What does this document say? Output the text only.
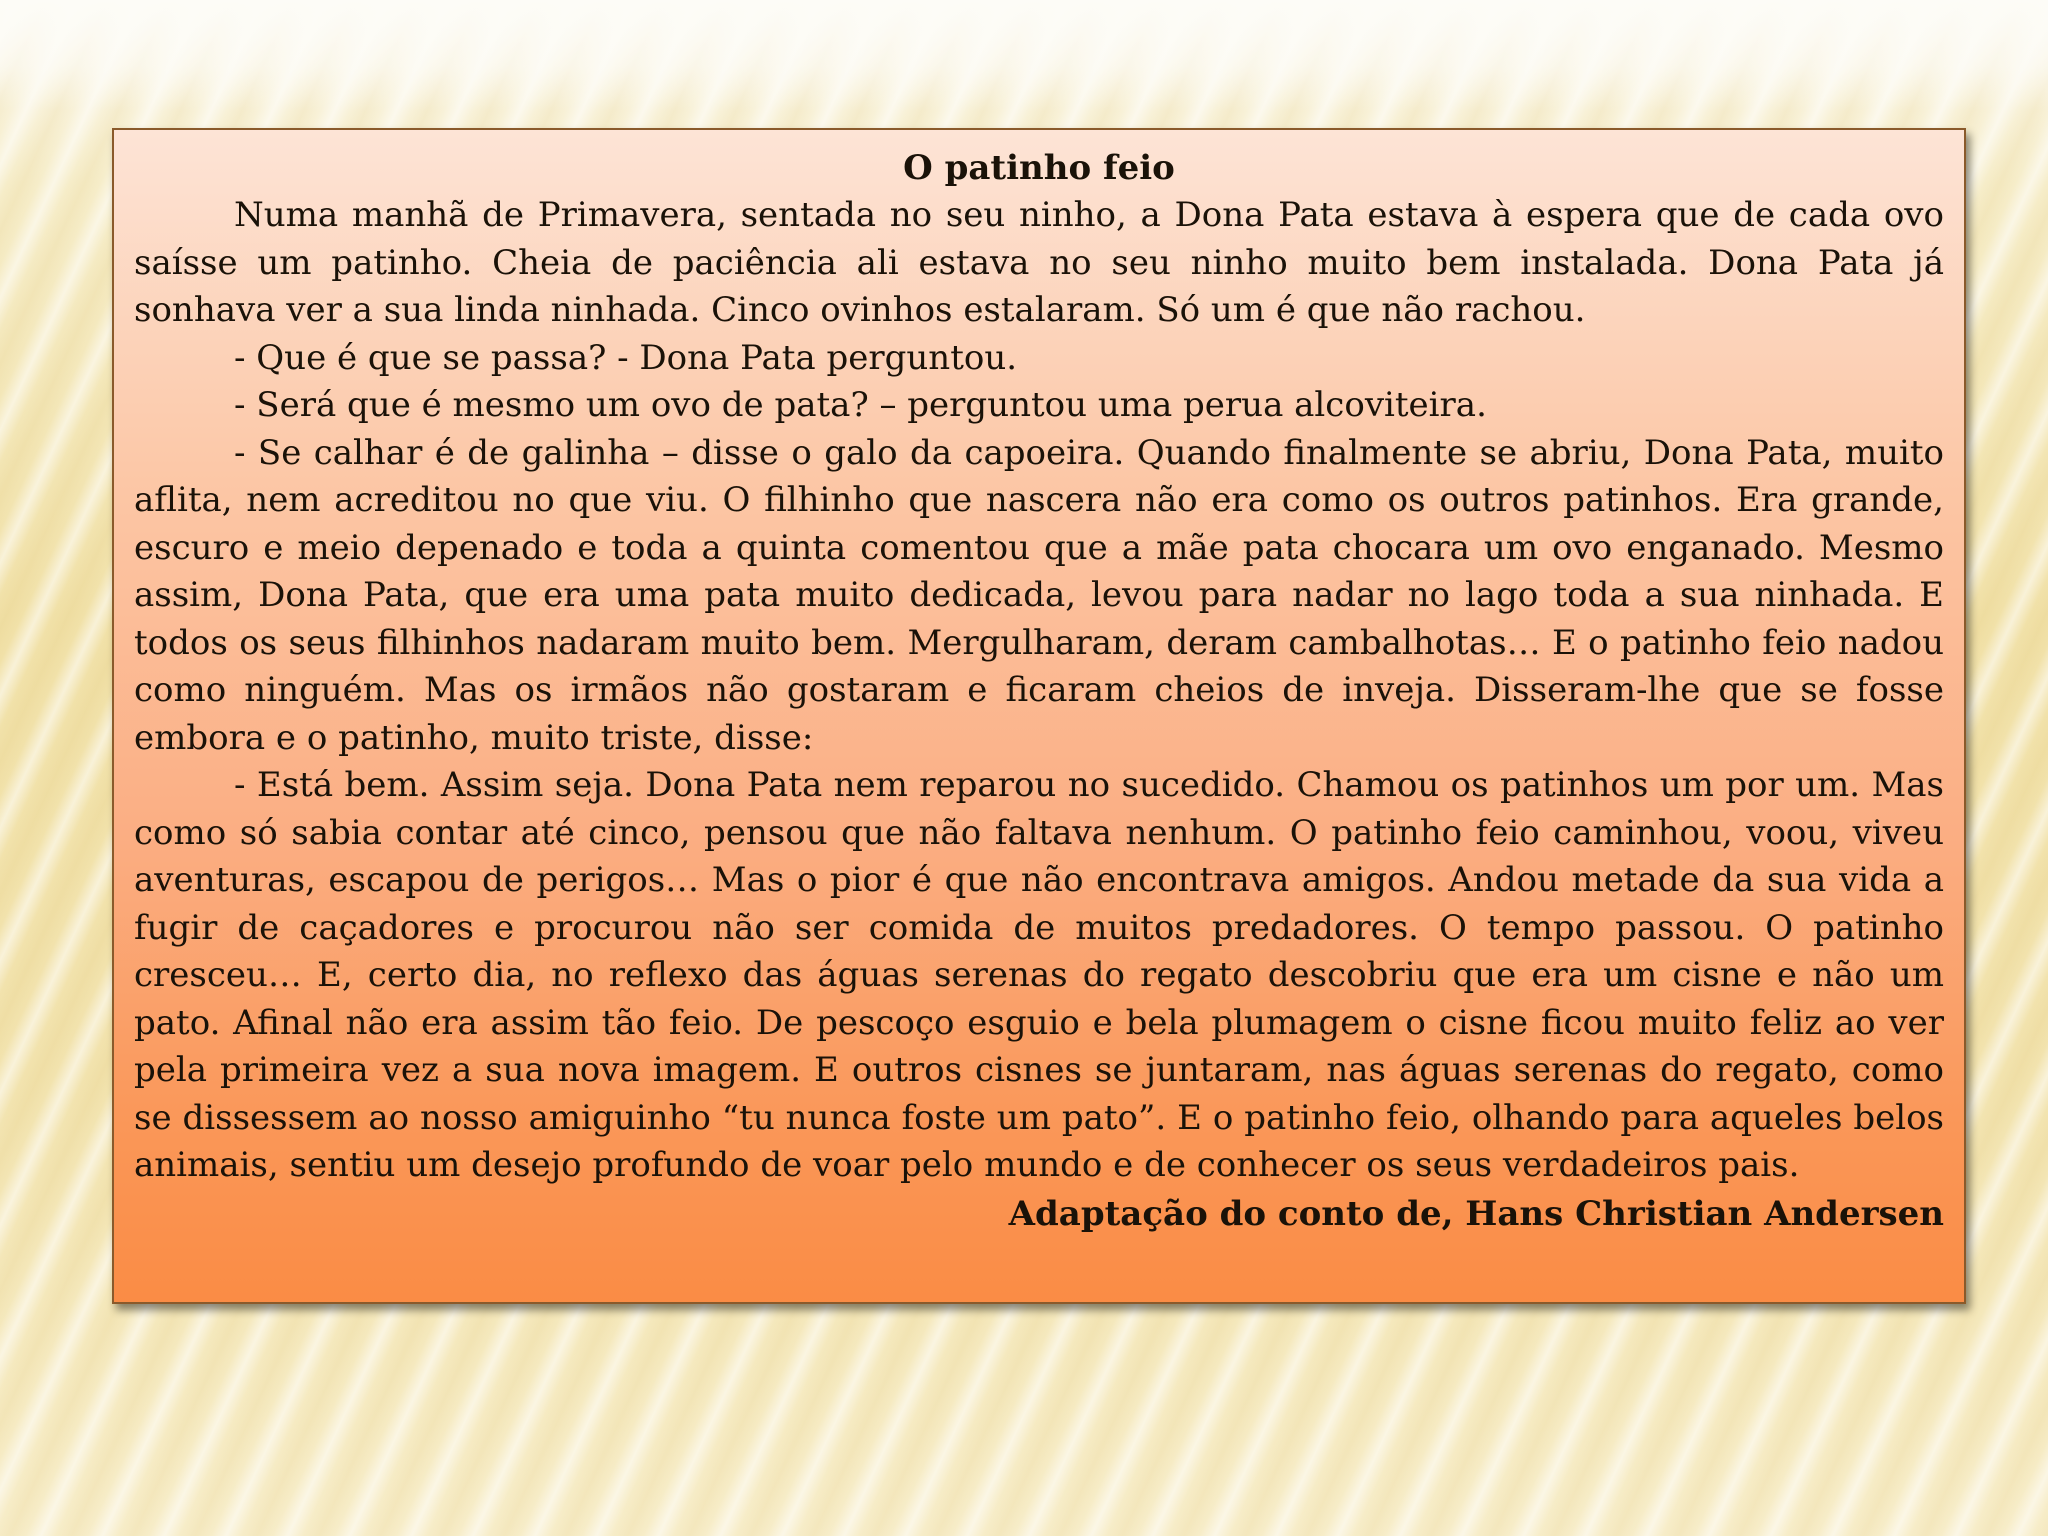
O patinho feio

Numa manhã de Primavera, sentada no seu ninho, a Dona Pata estava à espera que de cada ovo saísse um patinho. Cheia de paciência ali estava no seu ninho muito bem instalada. Dona Pata já sonhava ver a sua linda ninhada. Cinco ovinhos estalaram. Só um é que não rachou.

- Que é que se passa? - Dona Pata perguntou.

- Será que é mesmo um ovo de pata? – perguntou uma perua alcoviteira.

- Se calhar é de galinha – disse o galo da capoeira. Quando finalmente se abriu, Dona Pata, muito aflita, nem acreditou no que viu. O filhinho que nascera não era como os outros patinhos. Era grande, escuro e meio depenado e toda a quinta comentou que a mãe pata chocara um ovo enganado. Mesmo assim, Dona Pata, que era uma pata muito dedicada, levou para nadar no lago toda a sua ninhada. E todos os seus filhinhos nadaram muito bem. Mergulharam, deram cambalhotas… E o patinho feio nadou como ninguém. Mas os irmãos não gostaram e ficaram cheios de inveja. Disseram-lhe que se fosse embora e o patinho, muito triste, disse:

- Está bem. Assim seja. Dona Pata nem reparou no sucedido. Chamou os patinhos um por um. Mas como só sabia contar até cinco, pensou que não faltava nenhum. O patinho feio caminhou, voou, viveu aventuras, escapou de perigos… Mas o pior é que não encontrava amigos. Andou metade da sua vida a fugir de caçadores e procurou não ser comida de muitos predadores. O tempo passou. O patinho cresceu… E, certo dia, no reflexo das águas serenas do regato descobriu que era um cisne e não um pato. Afinal não era assim tão feio. De pescoço esguio e bela plumagem o cisne ficou muito feliz ao ver pela primeira vez a sua nova imagem. E outros cisnes se juntaram, nas águas serenas do regato, como se dissessem ao nosso amiguinho “tu nunca foste um pato”. E o patinho feio, olhando para aqueles belos animais, sentiu um desejo profundo de voar pelo mundo e de conhecer os seus verdadeiros pais.

Adaptação do conto de, Hans Christian Andersen
